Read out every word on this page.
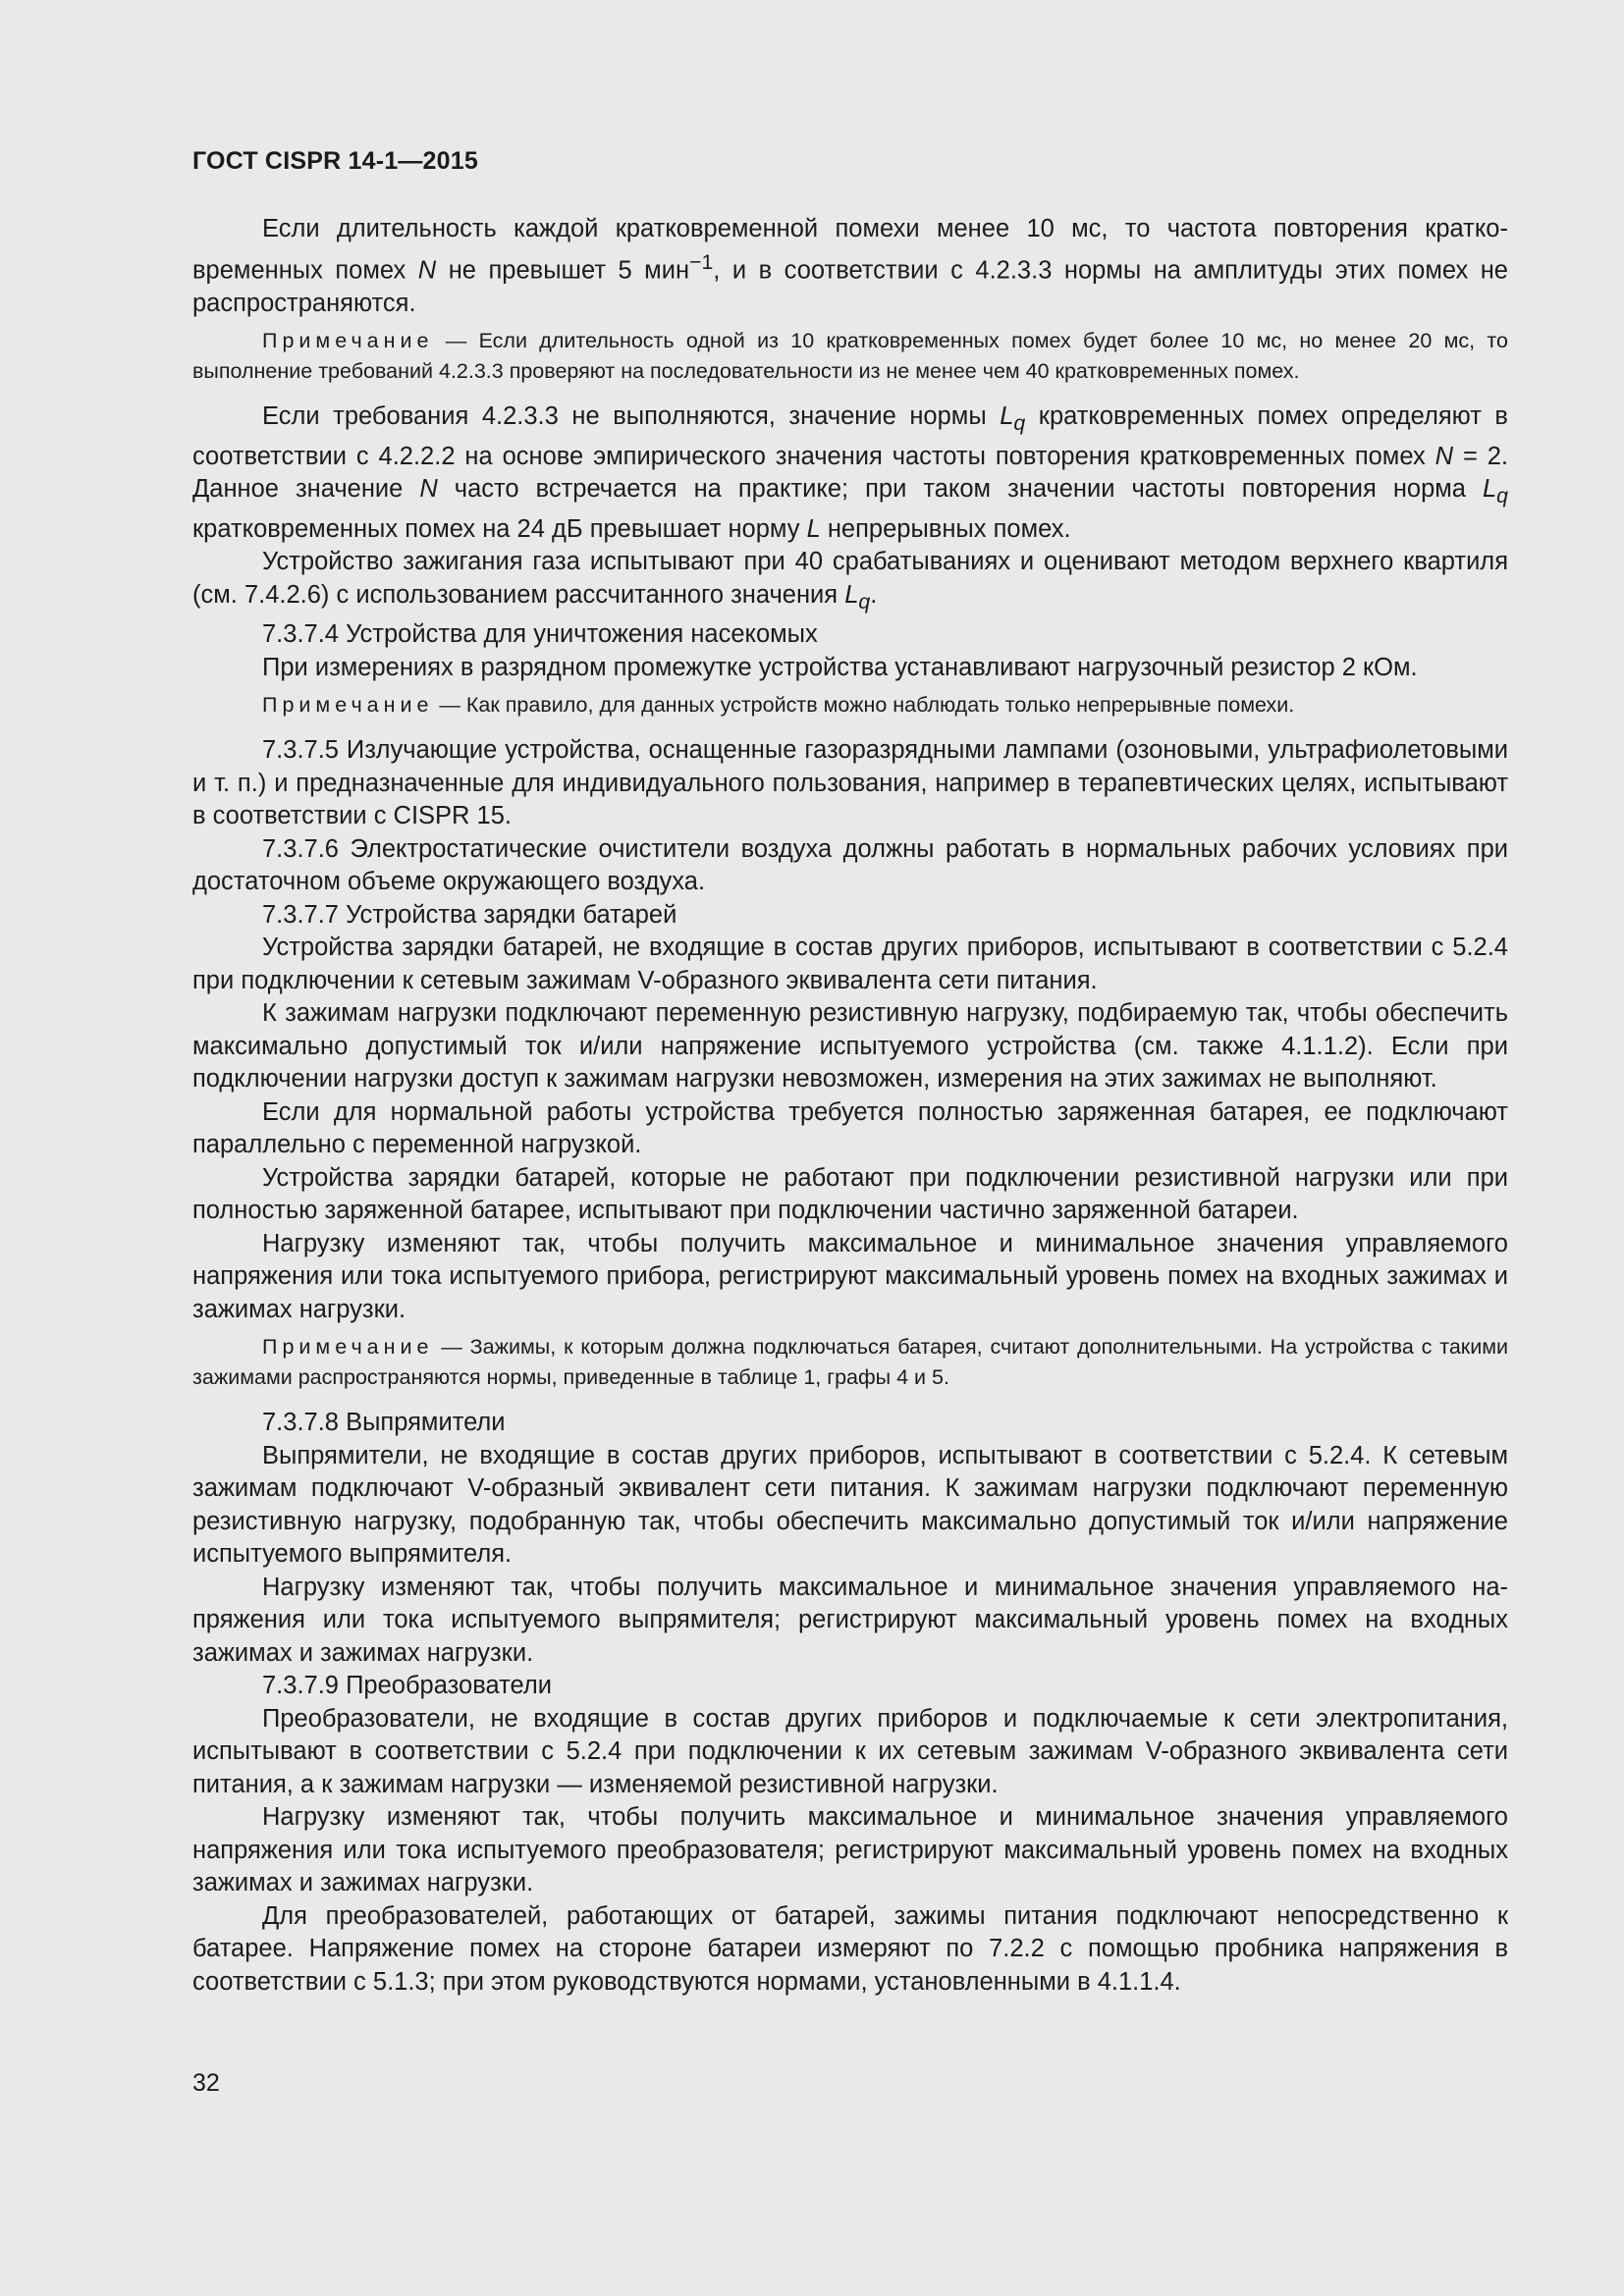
ГОСТ CISPR 14-1—2015

Если длительность каждой кратковременной помехи менее 10 мс, то частота повторения кратковременных помех N не превышет 5 мин$^{-1}$, и в соответствии с 4.2.3.3 нормы на амплитуды этих помех не распространяются.

Примечание — Если длительность одной из 10 кратковременных помех будет более 10 мс, но менее 20 мс, то выполнение требований 4.2.3.3 проверяют на последовательности из не менее чем 40 кратковременных помех.

Если требования 4.2.3.3 не выполняются, значение нормы $L_q$ кратковременных помех определяют в соответствии с 4.2.2.2 на основе эмпирического значения частоты повторения кратковременных помех N = 2. Данное значение N часто встречается на практике; при таком значении частоты повторения норма $L_q$ кратковременных помех на 24 дБ превышает норму L непрерывных помех.

Устройство зажигания газа испытывают при 40 срабатываниях и оценивают методом верхнего квартиля (см. 7.4.2.6) с использованием рассчитанного значения $L_q$.

7.3.7.4 Устройства для уничтожения насекомых

При измерениях в разрядном промежутке устройства устанавливают нагрузочный резистор 2 кОм.

Примечание — Как правило, для данных устройств можно наблюдать только непрерывные помехи.

7.3.7.5 Излучающие устройства, оснащенные газоразрядными лампами (озоновыми, ультрафиолетовыми и т. п.) и предназначенные для индивидуального пользования, например в терапевтических целях, испытывают в соответствии с CISPR 15.

7.3.7.6 Электростатические очистители воздуха должны работать в нормальных рабочих условиях при достаточном объеме окружающего воздуха.

7.3.7.7 Устройства зарядки батарей

Устройства зарядки батарей, не входящие в состав других приборов, испытывают в соответствии с 5.2.4 при подключении к сетевым зажимам V-образного эквивалента сети питания.

К зажимам нагрузки подключают переменную резистивную нагрузку, подбираемую так, чтобы обеспечить максимально допустимый ток и/или напряжение испытуемого устройства (см. также 4.1.1.2). Если при подключении нагрузки доступ к зажимам нагрузки невозможен, измерения на этих зажимах не выполняют.

Если для нормальной работы устройства требуется полностью заряженная батарея, ее подключают параллельно с переменной нагрузкой.

Устройства зарядки батарей, которые не работают при подключении резистивной нагрузки или при полностью заряженной батарее, испытывают при подключении частично заряженной батареи.

Нагрузку изменяют так, чтобы получить максимальное и минимальное значения управляемого напряжения или тока испытуемого прибора, регистрируют максимальный уровень помех на входных зажимах и зажимах нагрузки.

Примечание — Зажимы, к которым должна подключаться батарея, считают дополнительными. На устройства с такими зажимами распространяются нормы, приведенные в таблице 1, графы 4 и 5.

7.3.7.8 Выпрямители

Выпрямители, не входящие в состав других приборов, испытывают в соответствии с 5.2.4. К сетевым зажимам подключают V-образный эквивалент сети питания. К зажимам нагрузки подключают переменную резистивную нагрузку, подобранную так, чтобы обеспечить максимально допустимый ток и/или напряжение испытуемого выпрямителя.

Нагрузку изменяют так, чтобы получить максимальное и минимальное значения управляемого напряжения или тока испытуемого выпрямителя; регистрируют максимальный уровень помех на входных зажимах и зажимах нагрузки.

7.3.7.9 Преобразователи

Преобразователи, не входящие в состав других приборов и подключаемые к сети электропитания, испытывают в соответствии с 5.2.4 при подключении к их сетевым зажимам V-образного эквивалента сети питания, а к зажимам нагрузки — изменяемой резистивной нагрузки.

Нагрузку изменяют так, чтобы получить максимальное и минимальное значения управляемого напряжения или тока испытуемого преобразователя; регистрируют максимальный уровень помех на входных зажимах и зажимах нагрузки.

Для преобразователей, работающих от батарей, зажимы питания подключают непосредственно к батарее. Напряжение помех на стороне батареи измеряют по 7.2.2 с помощью пробника напряжения в соответствии с 5.1.3; при этом руководствуются нормами, установленными в 4.1.1.4.

32
